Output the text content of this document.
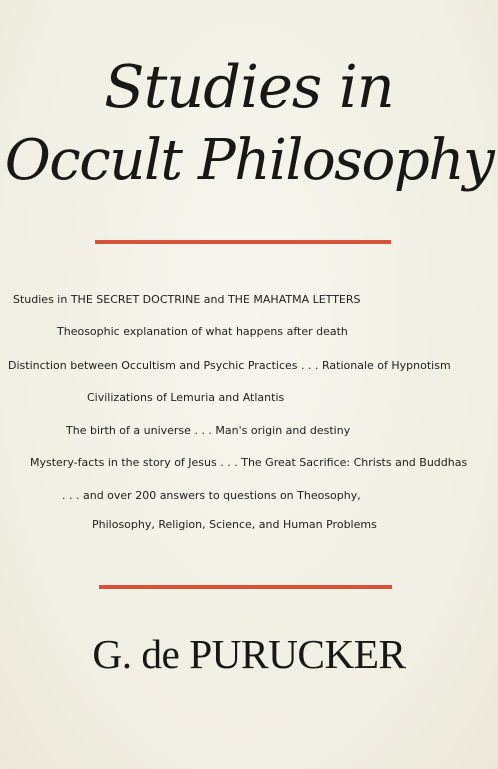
Studies in
Occult Philosophy
Studies in THE SECRET DOCTRINE and THE MAHATMA LETTERS
Theosophic explanation of what happens after death
Distinction between Occultism and Psychic Practices . . . Rationale of Hypnotism
Civilizations of Lemuria and Atlantis
The birth of a universe . . . Man's origin and destiny
Mystery-facts in the story of Jesus . . . The Great Sacrifice: Christs and Buddhas
. . . and over 200 answers to questions on Theosophy,
Philosophy, Religion, Science, and Human Problems
G. de PURUCKER
